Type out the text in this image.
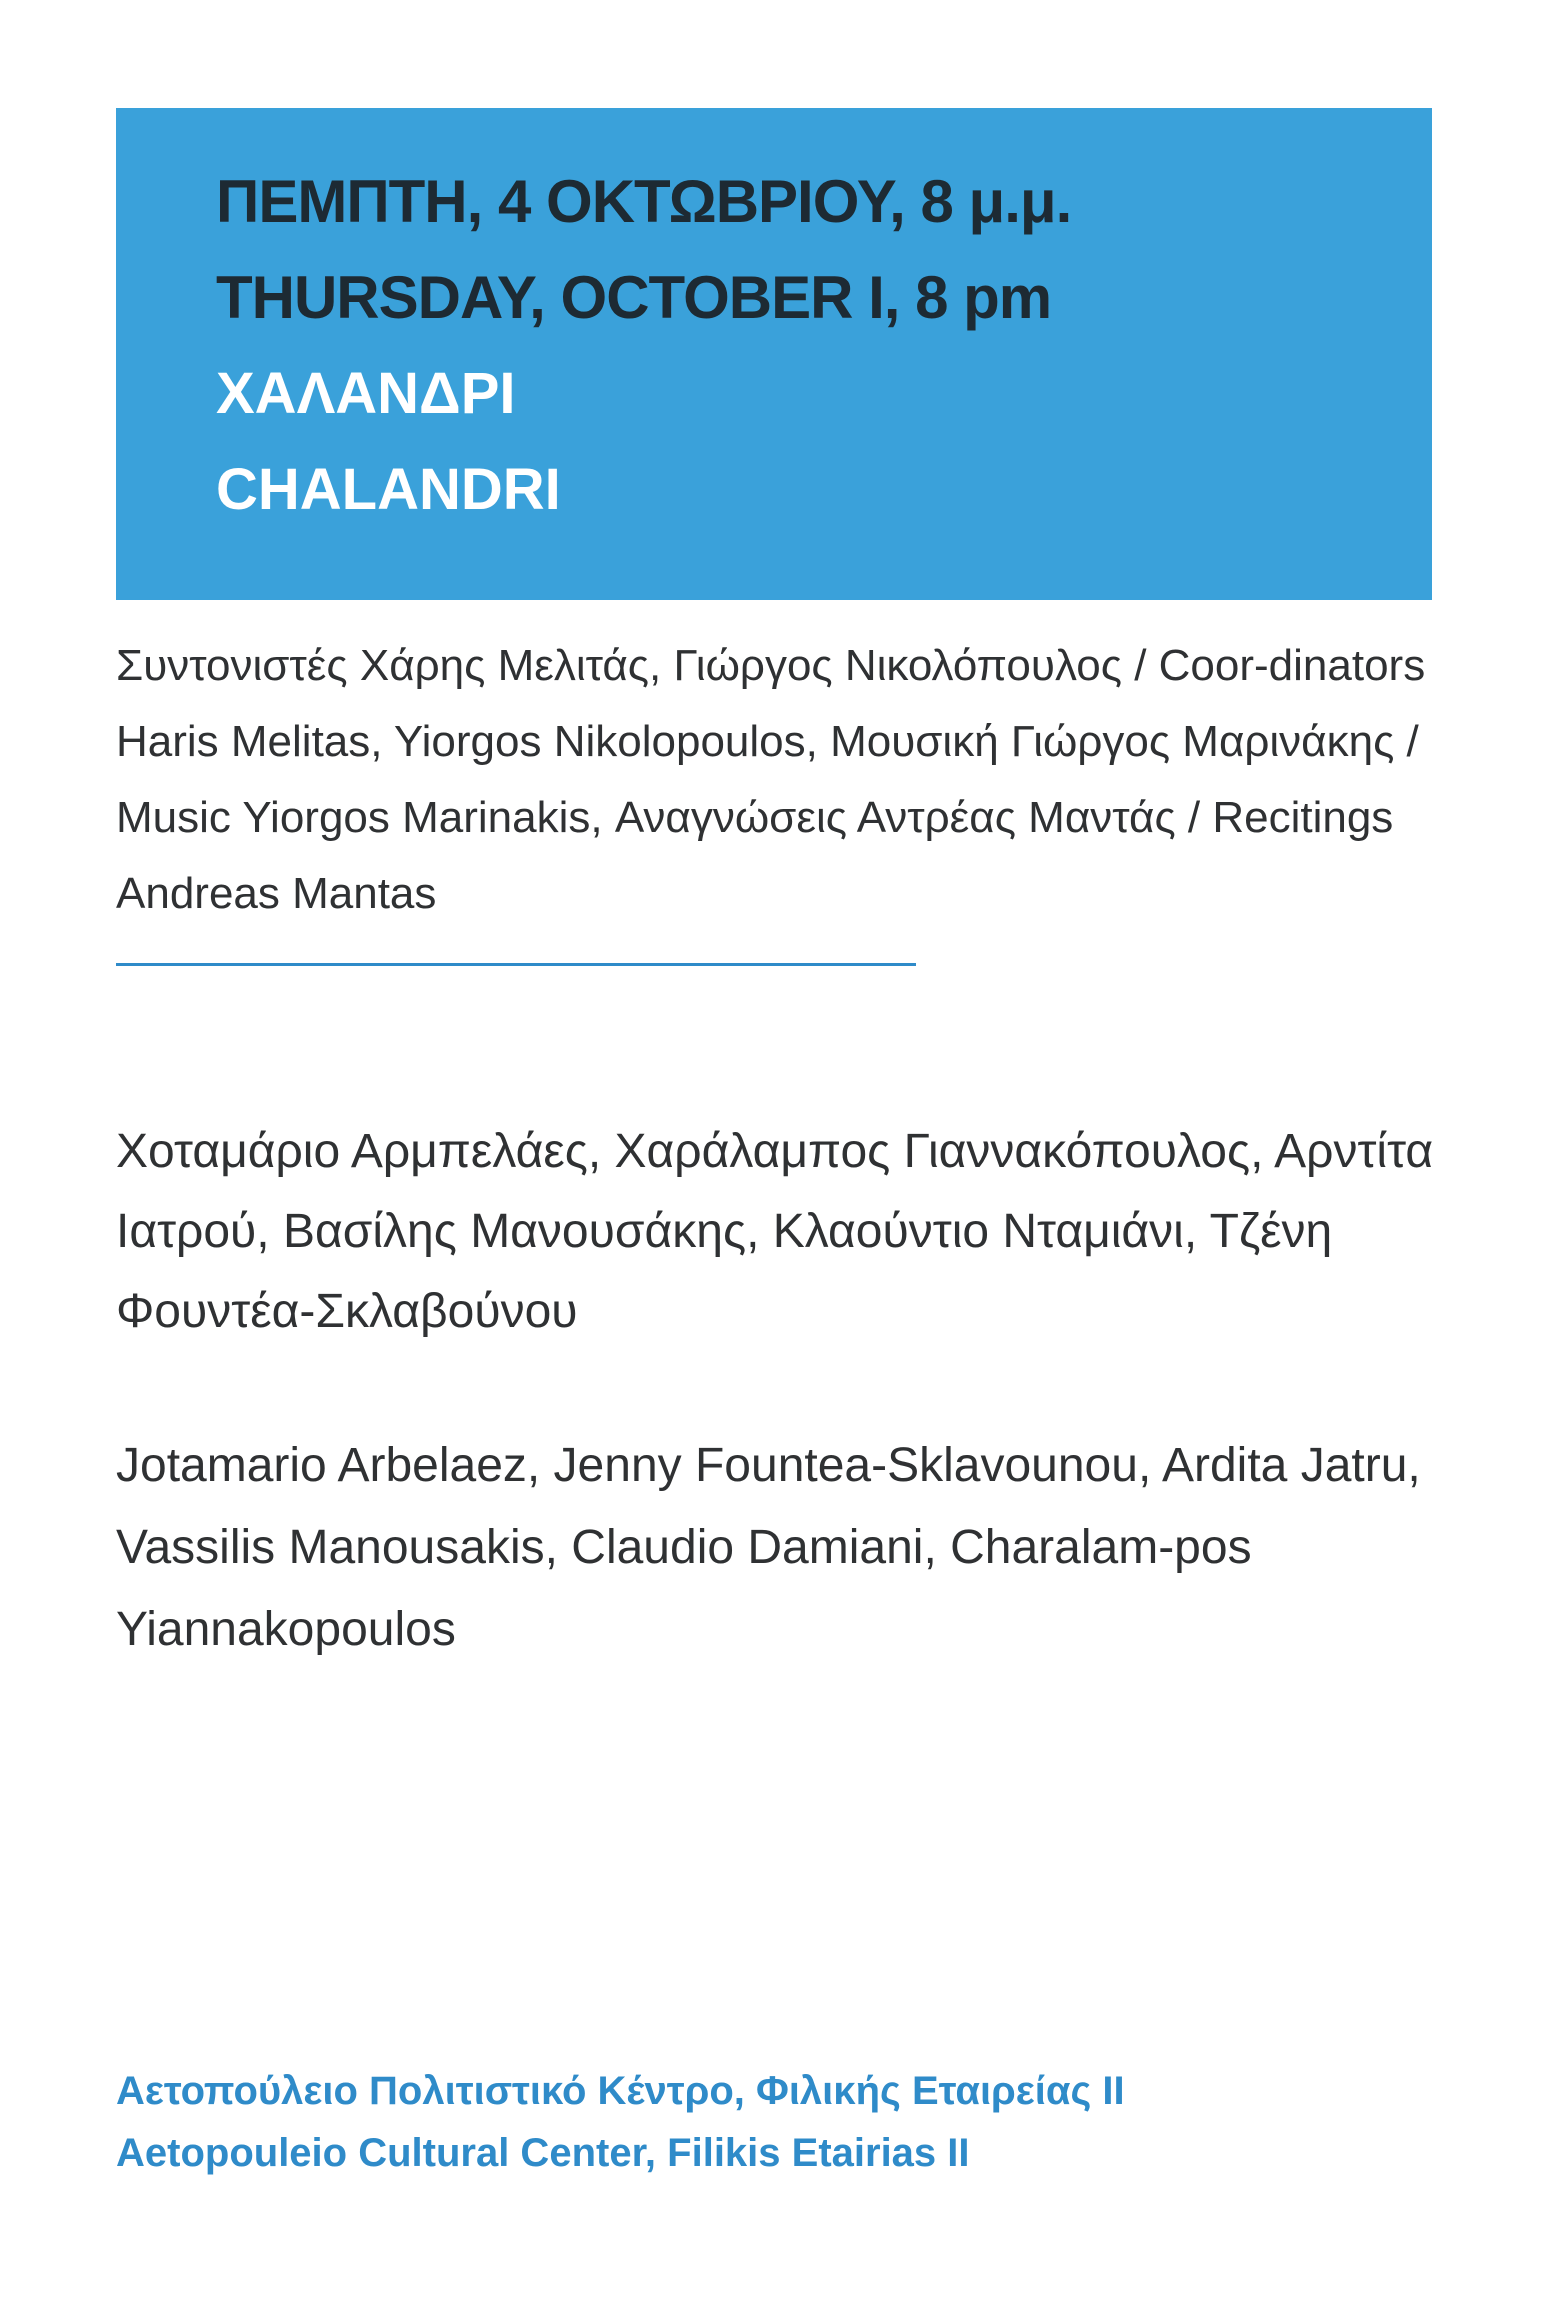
ΠΕΜΠΤΗ, 4 ΟΚΤΩΒΡΙΟΥ, 8 μ.μ.
THURSDAY, OCTOBER I, 8 pm
ΧΑΛΑΝΔΡΙ
CHALANDRI
Συντονιστές Χάρης Μελιτάς, Γιώργος Νικολόπουλος / Coor-dinators Haris Melitas, Yiorgos Nikolopoulos, Μουσική Γιώργος Μαρινάκης / Music Yiorgos Marinakis, Αναγνώσεις Αντρέας Μαντάς / Recitings Andreas Mantas
Χοταμάριο Αρμπελάες, Χαράλαμπος Γιαννακόπουλος, Αρντίτα Ιατρού, Βασίλης Μανουσάκης, Κλαούντιο Νταμιάνι, Τζένη Φουντέα-Σκλαβούνου
Jotamario Arbelaez, Jenny Fountea-Sklavounou, Ardita Jatru, Vassilis Manousakis, Claudio Damiani, Charalam-pos Yiannakopoulos
Αετοπούλειο Πολιτιστικό Κέντρο, Φιλικής Εταιρείας ΙΙ
Aetopouleio Cultural Center, Filikis Etairias II
